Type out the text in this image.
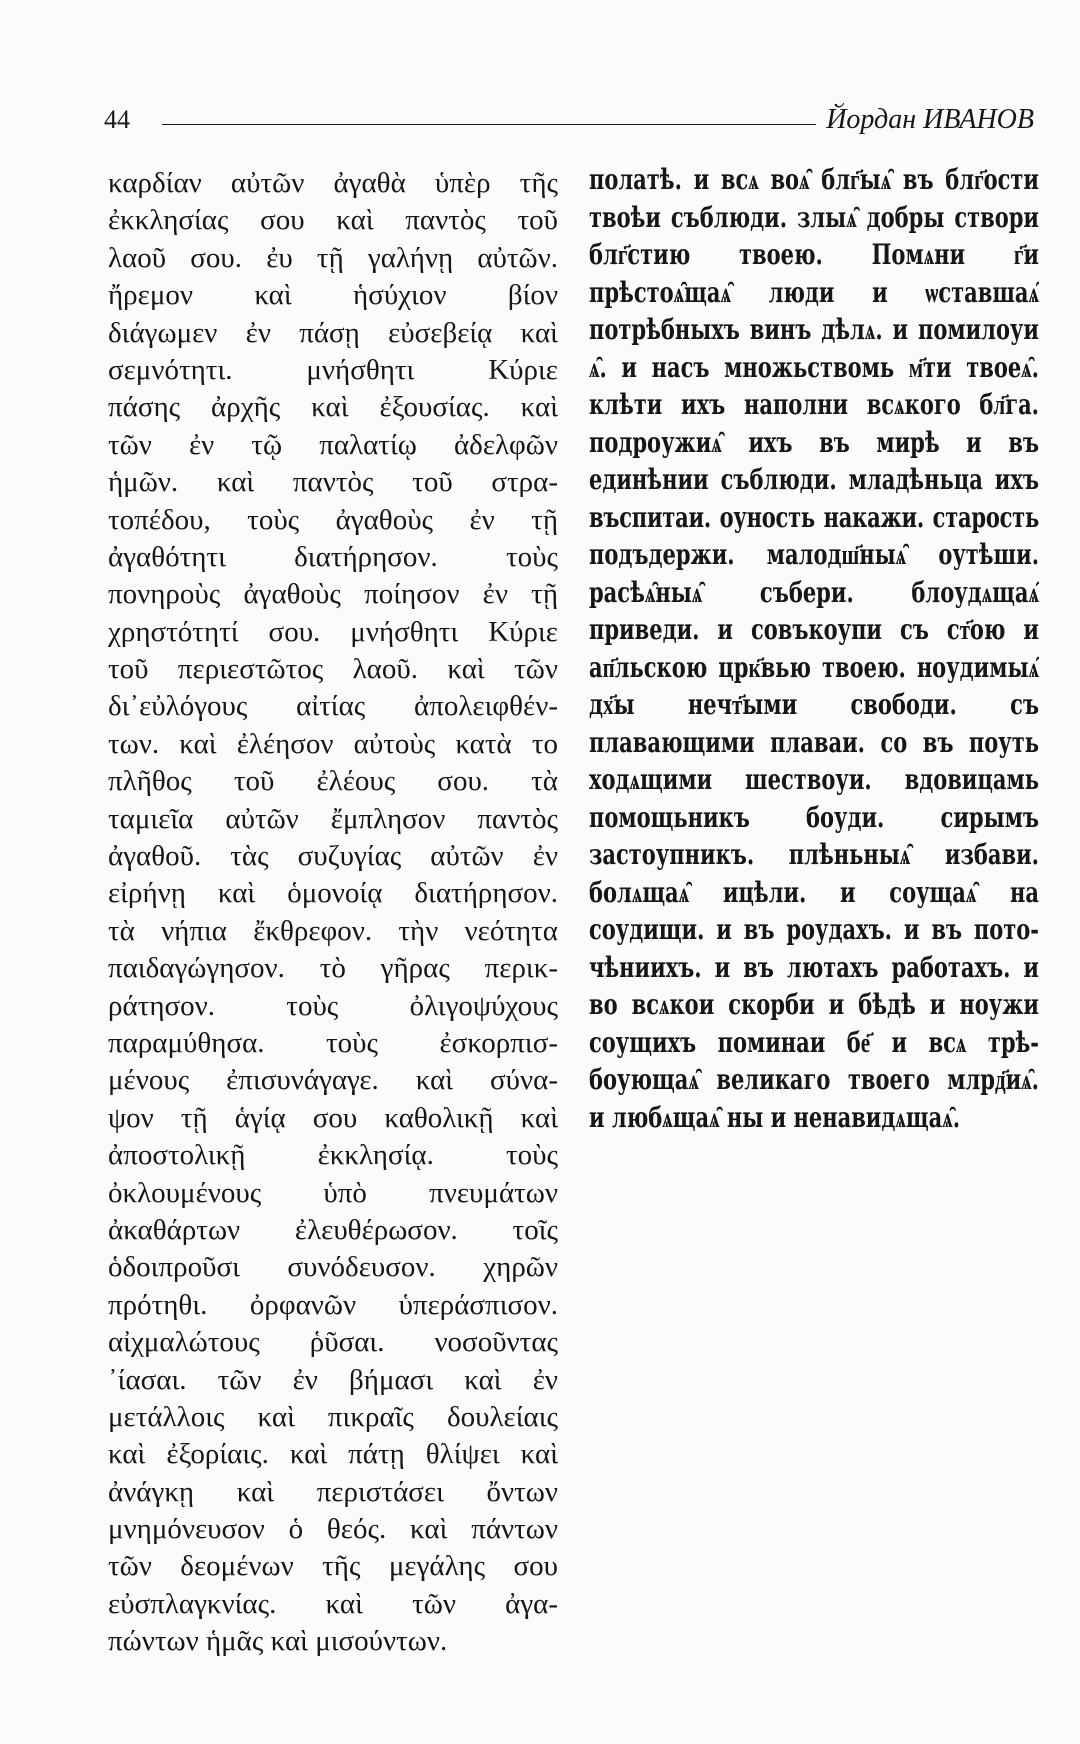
44	Йордан ИВАНОВ
καρδίαν αὐτῶν ἀγαθὰ ὑπὲρ τῆς
ἐκκλησίας σου καὶ παντὸς τοῦ
λαοῦ σου. ἐυ τῇ γαλήνῃ αὐτῶν.
ἤρεμον καὶ ἡσύχιον βίον
διάγωμεν ἐν πάσῃ εὐσεβείᾳ καὶ
σεμνότητι. μνήσθητι Κύριε
πάσης ἀρχῆς καὶ ἐξουσίας. καὶ
τῶν ἐν τῷ παλατίῳ ἀδελφῶν
ἡμῶν. καὶ παντὸς τοῦ στρα-
τοπέδου, τοὺς ἀγαθοὺς ἐν τῇ
ἀγαθότητι διατήρησον. τοὺς
πονηροὺς ἀγαθοὺς ποίησον ἐν τῇ
χρηστότητί σου. μνήσθητι Κύριε
τοῦ περιεστῶτος λαοῦ. καὶ τῶν
δι᾽εὐλόγους αἰτίας ἀπολειφθέν-
των. καὶ ἐλέησον αὐτοὺς κατὰ το
πλῆθος τοῦ ἐλέους σου. τὰ
ταμιεῖα αὐτῶν ἔμπλησον παντὸς
ἀγαθοῦ. τὰς συζυγίας αὐτῶν ἐν
εἰρήνῃ καὶ ὁμονοίᾳ διατήρησον.
τὰ νήπια ἔκθρεφον. τὴν νεότητα
παιδαγώγησον. τὸ γῆρας περικ-
ράτησον. τοὺς ὀλιγοψύχους
παραμύθησα. τοὺς ἐσκορπισ-
μένους ἐπισυνάγαγε. καὶ σύνα-
ψον τῇ ἁγίᾳ σου καθολικῇ καὶ
ἀποστολικῇ ἐκκλησίᾳ. τοὺς
ὀκλουμένους ὑπὸ πνευμάτων
ἀκαθάρτων ἐλευθέρωσον. τοῖς
ὁδοιπροῦσι συνόδευσον. χηρῶν
πρότηθι. ὀρφανῶν ὑπεράσπισον.
αἰχμαλώτους ῥῦσαι. νοσοῦντας
᾽ίασαι. τῶν ἐν βήμασι καὶ ἐν
μετάλλοις καὶ πικραῖς δουλείαις
καὶ ἐξορίαις. καὶ πάτῃ θλίψει καὶ
ἀνάγκῃ καὶ περιστάσει ὄντων
μνημόνευσον ὁ θεός. καὶ πάντων
τῶν δεομένων τῆς μεγάλης σου
εὐσπλαγκνίας. καὶ τῶν ἀγα-
πώντων ἡμᾶς καὶ μισούντων.
полатѣ. и всѧ воѧ̑ блг҃ыѧ̑ въ блг҃ости
твоѣи съблюди. злыѧ̑ добры створи
блг҃стию твоею. Помѧни г҃и
прѣстоѧ̑щаѧ̑ люди и ѡставшаѧ̑
потрѣбныхъ винъ дѣлѧ. и помилоуи
ѧ̑. и насъ множьствомь м҃ти твоеѧ̑.
клѣти ихъ наполни всѧкого бл҃га.
подроужиѧ̑ ихъ въ мирѣ и въ
единѣнии съблюди. младѣньца ихъ
въспитаи. оуность накажи. старость
подъдержи. малодш҃ныѧ̑ оутѣши.
расѣѧ̑ныѧ̑ събери. блоудѧщаѧ̑
приведи. и совъкоупи съ ст҃ою и
ап҃льскою црк҃вью твоею. ноудимыѧ̑
дх҃ы нечт҃ыми свободи. съ
плавающими плаваи. со въ поуть
ходѧщими шествоуи. вдовицамь
помощьникъ боуди. сирымъ
застоупникъ. плѣньныѧ̑ избави.
болѧщаѧ̑ ицѣли. и соущаѧ̑ на
соудищи. и въ роудахъ. и въ пото-
чѣниихъ. и въ лютахъ работахъ. и
во всѧкои скорби и бѣдѣ и ноужи
соущихъ поминаи бе҃ и всѧ трѣ-
боующаѧ̑ великаго твоего млрд҃иѧ̑.
и любѧщаѧ̑ ны и ненавидѧщаѧ̑.
